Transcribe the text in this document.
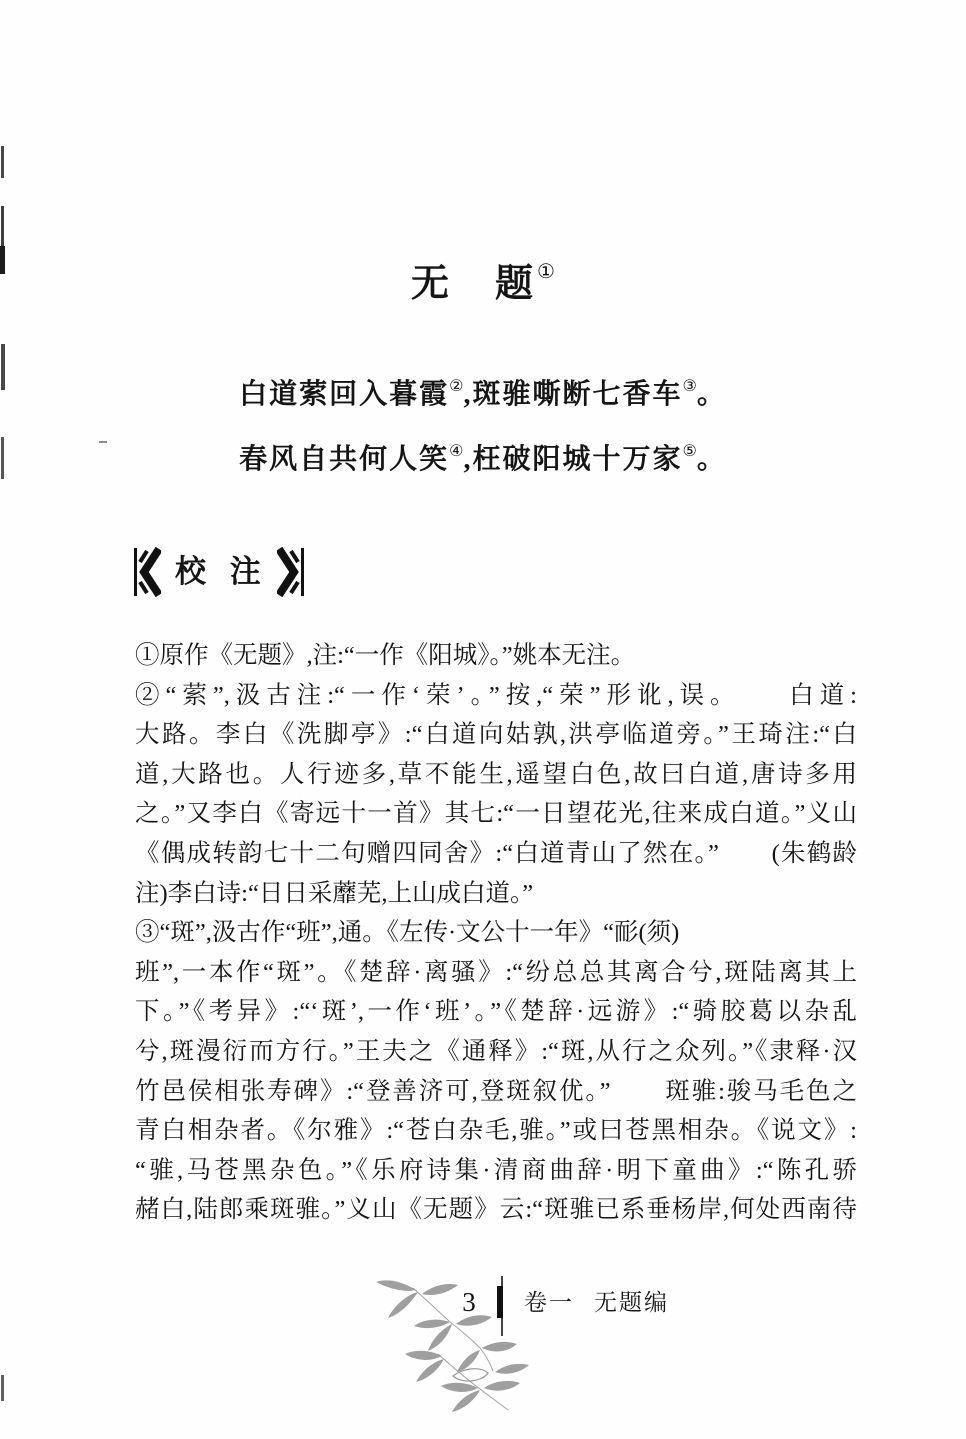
无　题①
白道萦回入暮霞②,斑骓嘶断七香车③。
春风自共何人笑④,枉破阳城十万家⑤。
校 注
①原作《无题》,注:“一作《阳城》。”姚本无注。
②“萦”,汲古注:“一作‘荣’。”按,“荣”形讹,误。　　白道:
大路。李白《洗脚亭》:“白道向姑孰,洪亭临道旁。”王琦注:“白
道,大路也。人行迹多,草不能生,遥望白色,故曰白道,唐诗多用
之。”又李白《寄远十一首》其七:“一日望花光,往来成白道。”义山
《偶成转韵七十二句赠四同舍》:“白道青山了然在。”　　(朱鹤龄
注)李白诗:“日日采蘼芜,上山成白道。”
③“斑”,汲古作“班”,通。《左传·文公十一年》“耏(须)
班”,一本作“斑”。《楚辞·离骚》:“纷总总其离合兮,斑陆离其上
下。”《考异》:“‘斑’,一作‘班’。”《楚辞·远游》:“骑胶葛以杂乱
兮,斑漫衍而方行。”王夫之《通释》:“斑,从行之众列。”《隶释·汉
竹邑侯相张寿碑》:“登善济可,登斑叙优。”　　斑骓:骏马毛色之
青白相杂者。《尔雅》:“苍白杂毛,骓。”或曰苍黑相杂。《说文》:
“骓,马苍黑杂色。”《乐府诗集·清商曲辞·明下童曲》:“陈孔骄
赭白,陆郎乘斑骓。”义山《无题》云:“斑骓已系垂杨岸,何处西南待
3	卷一 无题编
